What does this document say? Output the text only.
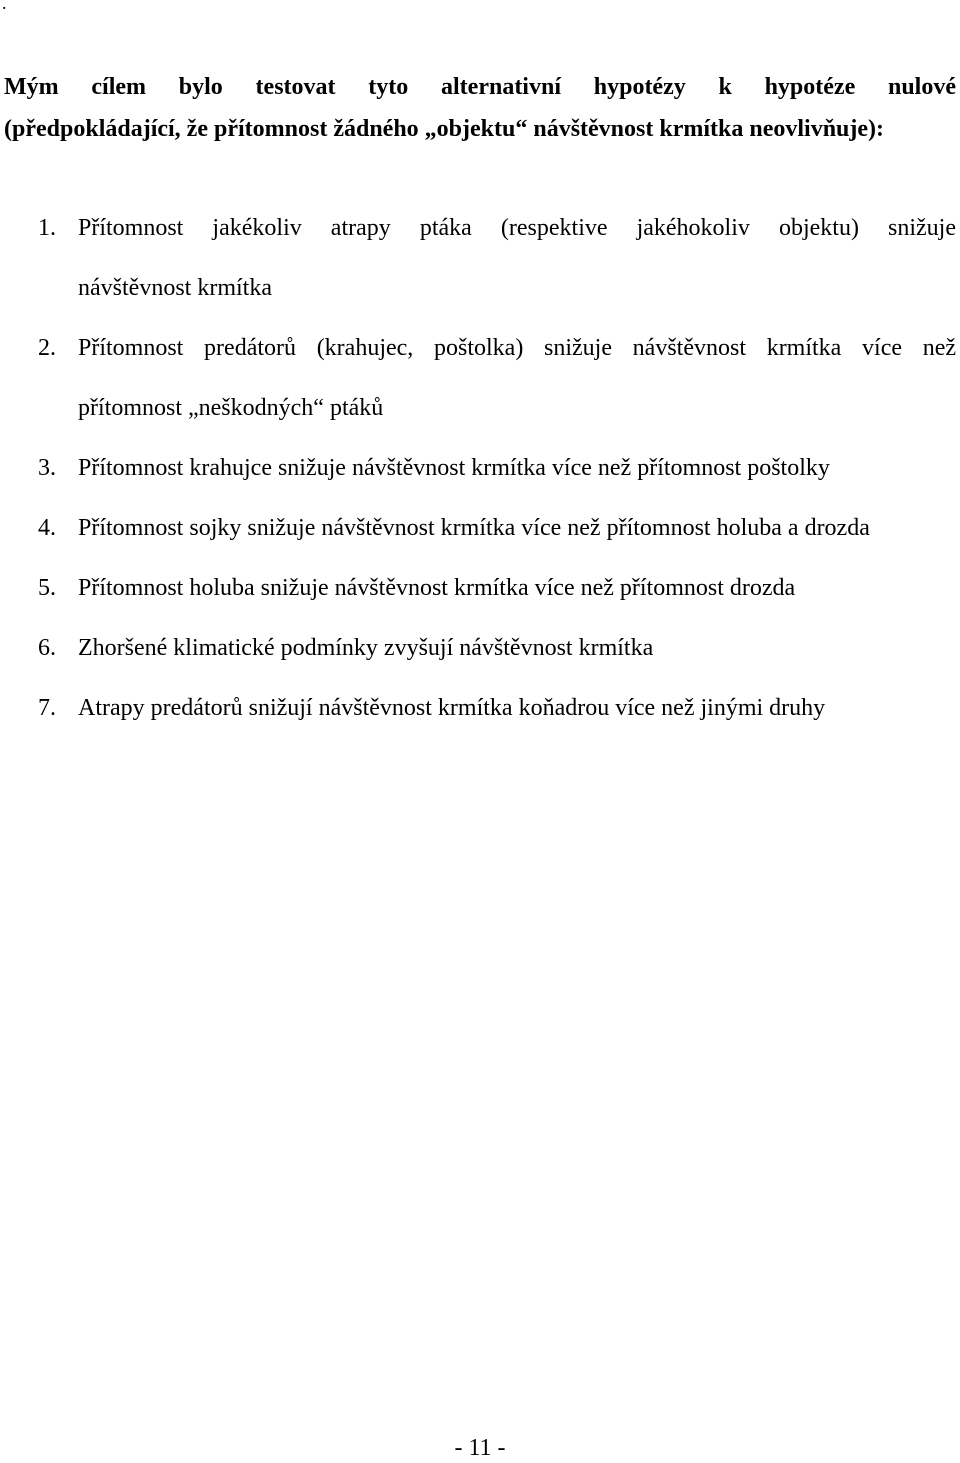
.
Mým cílem bylo testovat tyto alternativní hypotézy k hypotéze nulové
(předpokládající, že přítomnost žádného „objektu“ návštěvnost krmítka neovlivňuje):
1. Přítomnost jakékoliv atrapy ptáka (respektive jakéhokoliv objektu) snižuje
návštěvnost krmítka
2. Přítomnost predátorů (krahujec, poštolka) snižuje návštěvnost krmítka více než
přítomnost „neškodných“ ptáků
3. Přítomnost krahujce snižuje návštěvnost krmítka více než přítomnost poštolky
4. Přítomnost sojky snižuje návštěvnost krmítka více než přítomnost holuba a drozda
5. Přítomnost holuba snižuje návštěvnost krmítka více než přítomnost drozda
6. Zhoršené klimatické podmínky zvyšují návštěvnost krmítka
7. Atrapy predátorů snižují návštěvnost krmítka koňadrou více než jinými druhy
- 11 -
